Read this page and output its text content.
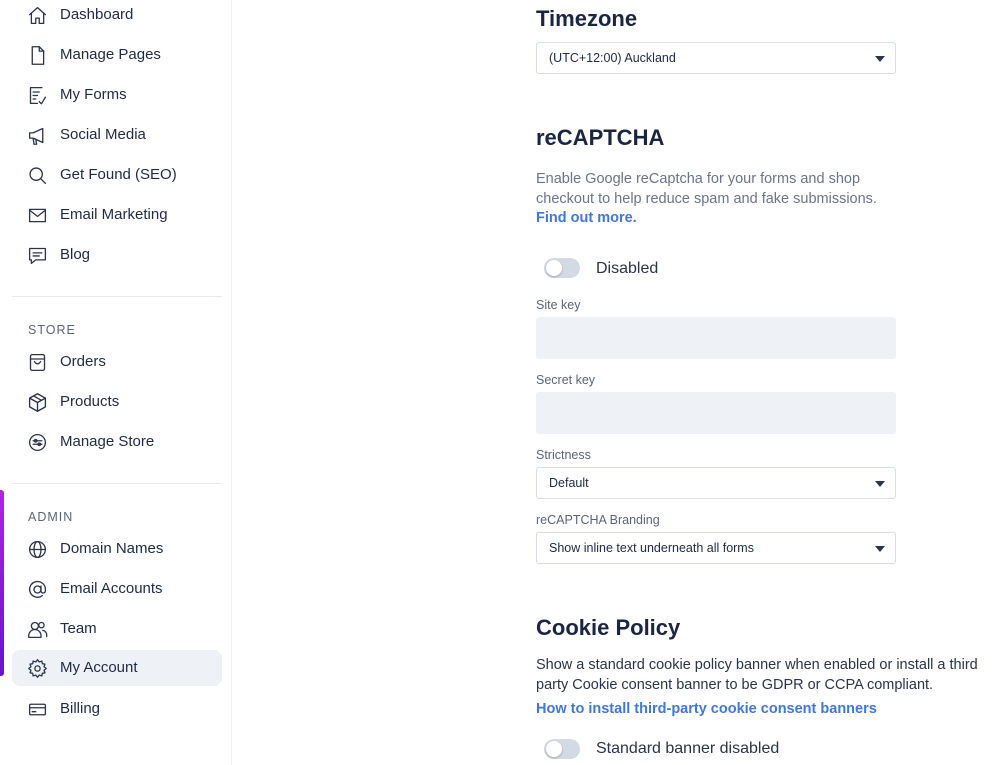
Dashboard
Manage Pages
My Forms
Social Media
Get Found (SEO)
Email Marketing
Blog
STORE
Orders
Products
Manage Store
ADMIN
Domain Names
Email Accounts
Team
My Account
Billing
Timezone
(UTC+12:00) Auckland
reCAPTCHA
Enable Google reCaptcha for your forms and shop checkout to help reduce spam and fake submissions.
Find out more.
Disabled
Site key
Secret key
Strictness
Default
reCAPTCHA Branding
Show inline text underneath all forms
Cookie Policy
Show a standard cookie policy banner when enabled or install a third party Cookie consent banner to be GDPR or CCPA compliant.
How to install third-party cookie consent banners
Standard banner disabled
